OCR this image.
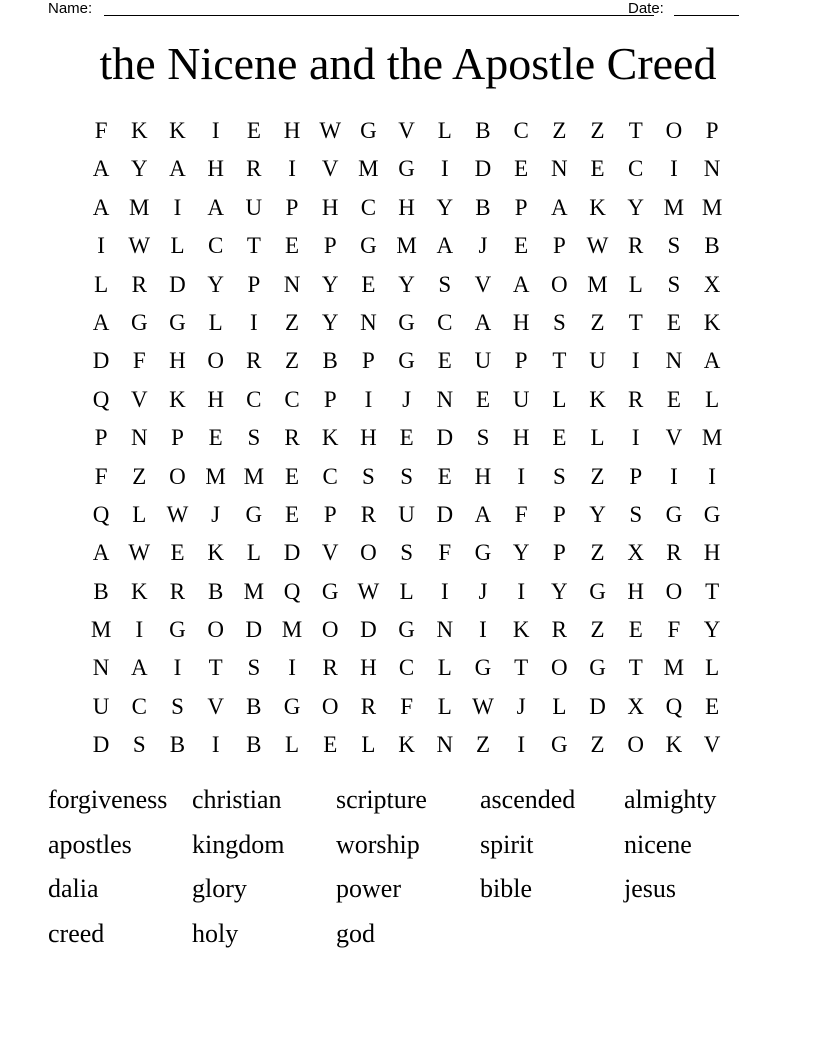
Name:	Date:
the Nicene and the Apostle Creed
F	K K	I	E H W G V L	B C	Z	Z	T O	P
A Y A H R	I	V M G	I	D E N E	C	I	N
A M	I	A U	P	H C H Y B	P	A K Y M M
I	W L	C	T	E	P	G M A	J	E	P W R	S	B
L	R D Y	P	N Y E Y	S	V A O M L	S	X
A G G L	I	Z Y N G C A H	S	Z	T	E K
D	F	H O R	Z	B	P	G E U	P	T U	I	N A
Q V K H C C	P	I	J	N E U L K R	E	L
P	N	P	E	S	R K H E D	S	H E	L	I	V M
F	Z O M M E	C	S	S	E H	I	S	Z	P	I	I
Q L W J	G E	P	R U D A	F	P	Y	S	G G
A W E K L D V O	S	F	G Y	P	Z X R H
B K R B M Q G W L	I	J	I	Y G H O T
M	I	G O D M O D G N	I	K R	Z	E	F	Y
N A	I	T	S	I	R H C	L G T O G T M L
U C	S	V B G O R	F	L W J	L D X Q E
D	S	B	I	B	L	E	L K N Z	I	G Z O K V
forgiveness christian	scripture	ascended	almighty
apostles	kingdom	worship	spirit	nicene
dalia	glory	power	bible	jesus
creed	holy	god
